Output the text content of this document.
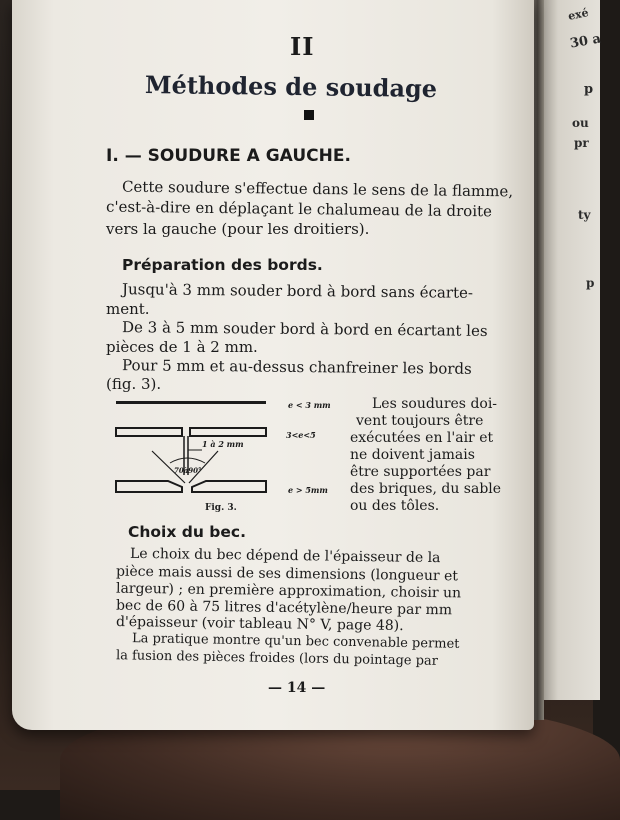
exé
30 a
p
ou
pr
ty
p
II
Méthodes de soudage
I. — SOUDURE A GAUCHE.
Cette soudure s'effectue dans le sens de la flamme,
c'est-à-dire en déplaçant le chalumeau de la droite
vers la gauche (pour les droitiers).
Préparation des bords.
Jusqu'à 3 mm souder bord à bord sans écarte-
ment.
De 3 à 5 mm souder bord à bord en écartant les
pièces de 1 à 2 mm.
Pour 5 mm et au-dessus chanfreiner les bords
(fig. 3).
1 à 2 mm
70à90°
e < 3 mm
3<e<5
e > 5mm
Fig. 3.
Les soudures doi-
vent toujours être
exécutées en l'air et
ne doivent jamais
être supportées par
des briques, du sable
ou des tôles.
Choix du bec.
Le choix du bec dépend de l'épaisseur de la
pièce mais aussi de ses dimensions (longueur et
largeur) ; en première approximation, choisir un
bec de 60 à 75 litres d'acétylène/heure par mm
d'épaisseur (voir tableau N° V, page 48).
La pratique montre qu'un bec convenable permet
la fusion des pièces froides (lors du pointage par
— 14 —
